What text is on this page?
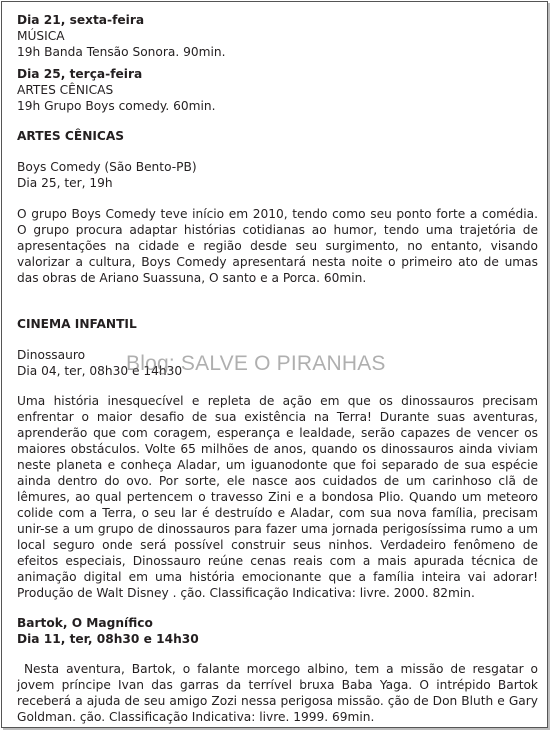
Dia 21, sexta-feira
MÚSICA
19h Banda Tensão Sonora. 90min.
Dia 25, terça-feira
ARTES CÊNICAS
19h Grupo Boys comedy. 60min.
ARTES CÊNICAS
Boys Comedy (São Bento-PB)
Dia 25, ter, 19h

O grupo Boys Comedy teve início em 2010, tendo como seu ponto forte a comédia. O grupo procura adaptar histórias cotidianas ao humor, tendo uma trajetória de apresentações na cidade e região desde seu surgimento, no entanto, visando valorizar a cultura, Boys Comedy apresentará nesta noite o primeiro ato de umas das obras de Ariano Suassuna, O santo e a Porca. 60min.

CINEMA INFANTIL
Dinossauro
Dia 04, ter, 08h30 e 14h30

Uma história inesquecível e repleta de ação em que os dinossauros precisam enfrentar o maior desafio de sua existência na Terra! Durante suas aventuras, aprenderão que com coragem, esperança e lealdade, serão capazes de vencer os maiores obstáculos. Volte 65 milhões de anos, quando os dinossauros ainda viviam neste planeta e conheça Aladar, um iguanodonte que foi separado de sua espécie ainda dentro do ovo. Por sorte, ele nasce aos cuidados de um carinhoso clã de lêmures, ao qual pertencem o travesso Zini e a bondosa Plio. Quando um meteoro colide com a Terra, o seu lar é destruído e Aladar, com sua nova família, precisam unir-se a um grupo de dinossauros para fazer uma jornada perigosíssima rumo a um local seguro onde será possível construir seus ninhos. Verdadeiro fenômeno de efeitos especiais, Dinossauro reúne cenas reais com a mais apurada técnica de animação digital em uma história emocionante que a família inteira vai adorar! Produção de Walt Disney . ção. Classificação Indicativa: livre. 2000. 82min.

Bartok, O Magnífico
Dia 11, ter, 08h30 e 14h30

Nesta aventura, Bartok, o falante morcego albino, tem a missão de resgatar o jovem príncipe Ivan das garras da terrível bruxa Baba Yaga. O intrépido Bartok receberá a ajuda de seu amigo Zozi nessa perigosa missão. ção de Don Bluth e Gary Goldman. ção. Classificação Indicativa: livre. 1999. 69min.

Blog: SALVE O PIRANHAS
